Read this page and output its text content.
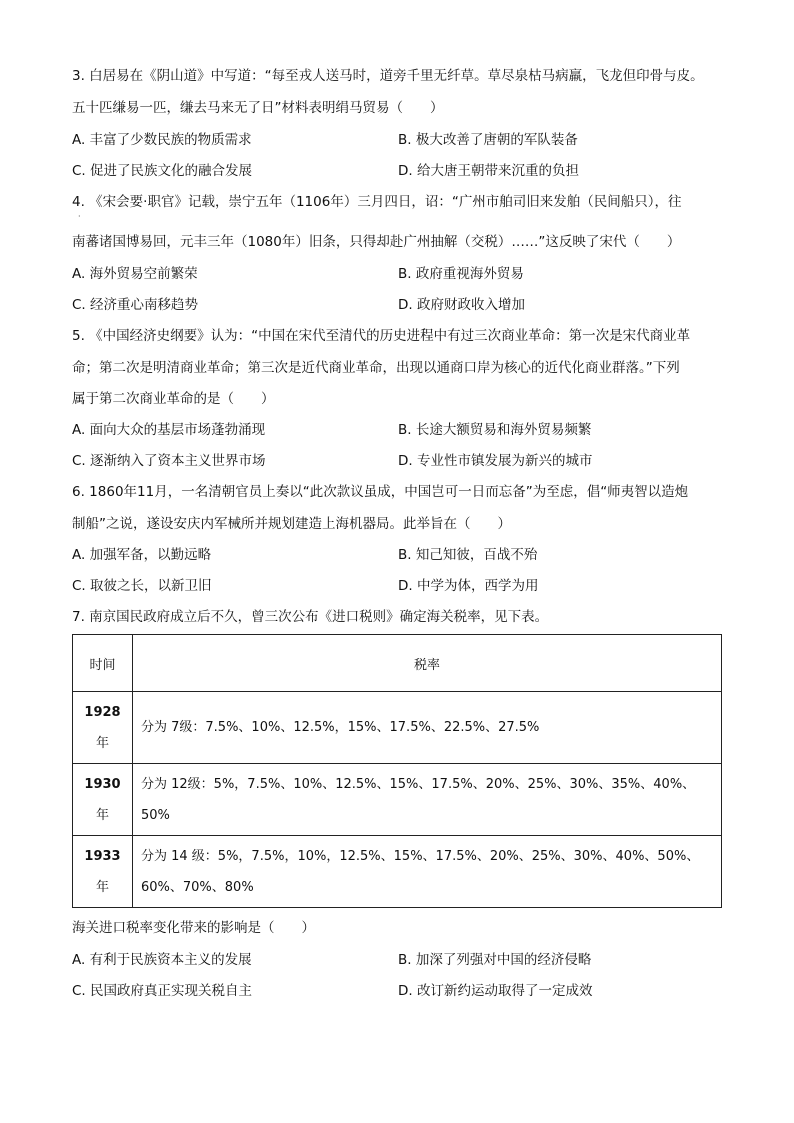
3. 白居易在《阴山道》中写道：“每至戎人送马时，道旁千里无纤草。草尽泉枯马病羸，飞龙但印骨与皮。
五十匹缣易一匹，缣去马来无了日”材料表明绢马贸易（　　）
A. 丰富了少数民族的物质需求	B. 极大改善了唐朝的军队装备
C. 促进了民族文化的融合发展	D. 给大唐王朝带来沉重的负担
4. 《宋会要·职官》记载，崇宁五年（1106年）三月四日，诏：“广州市舶司旧来发舶（民间船只），往
·
南蕃诸国博易回，元丰三年（1080年）旧条，只得却赴广州抽解（交税）……”这反映了宋代（　　）
A. 海外贸易空前繁荣	B. 政府重视海外贸易
C. 经济重心南移趋势	D. 政府财政收入增加
5. 《中国经济史纲要》认为：“中国在宋代至清代的历史进程中有过三次商业革命：第一次是宋代商业革
命；第二次是明清商业革命；第三次是近代商业革命，出现以通商口岸为核心的近代化商业群落。”下列
属于第二次商业革命的是（　　）
A. 面向大众的基层市场蓬勃涌现	B. 长途大额贸易和海外贸易频繁
C. 逐渐纳入了资本主义世界市场	D. 专业性市镇发展为新兴的城市
6. 1860年11月，一名清朝官员上奏以“此次款议虽成，中国岂可一日而忘备”为至虑，倡“师夷智以造炮
制船”之说，遂设安庆内军械所并规划建造上海机器局。此举旨在（　　）
A. 加强军备，以勤远略	B. 知己知彼，百战不殆
C. 取彼之长，以新卫旧	D. 中学为体，西学为用
7. 南京国民政府成立后不久，曾三次公布《进口税则》确定海关税率，见下表。
时间	税率
1928
年	分为 7级：7.5%、10%、12.5%，15%、17.5%、22.5%、27.5%
1930
年	分为 12级：5%，7.5%、10%、12.5%、15%、17.5%、20%、25%、30%、35%、40%、50%
1933
年	分为 14 级：5%，7.5%，10%，12.5%、15%、17.5%、20%、25%、30%、40%、50%、60%、70%、80%
海关进口税率变化带来的影响是（　　）
A. 有利于民族资本主义的发展	B. 加深了列强对中国的经济侵略
C. 民国政府真正实现关税自主	D. 改订新约运动取得了一定成效
